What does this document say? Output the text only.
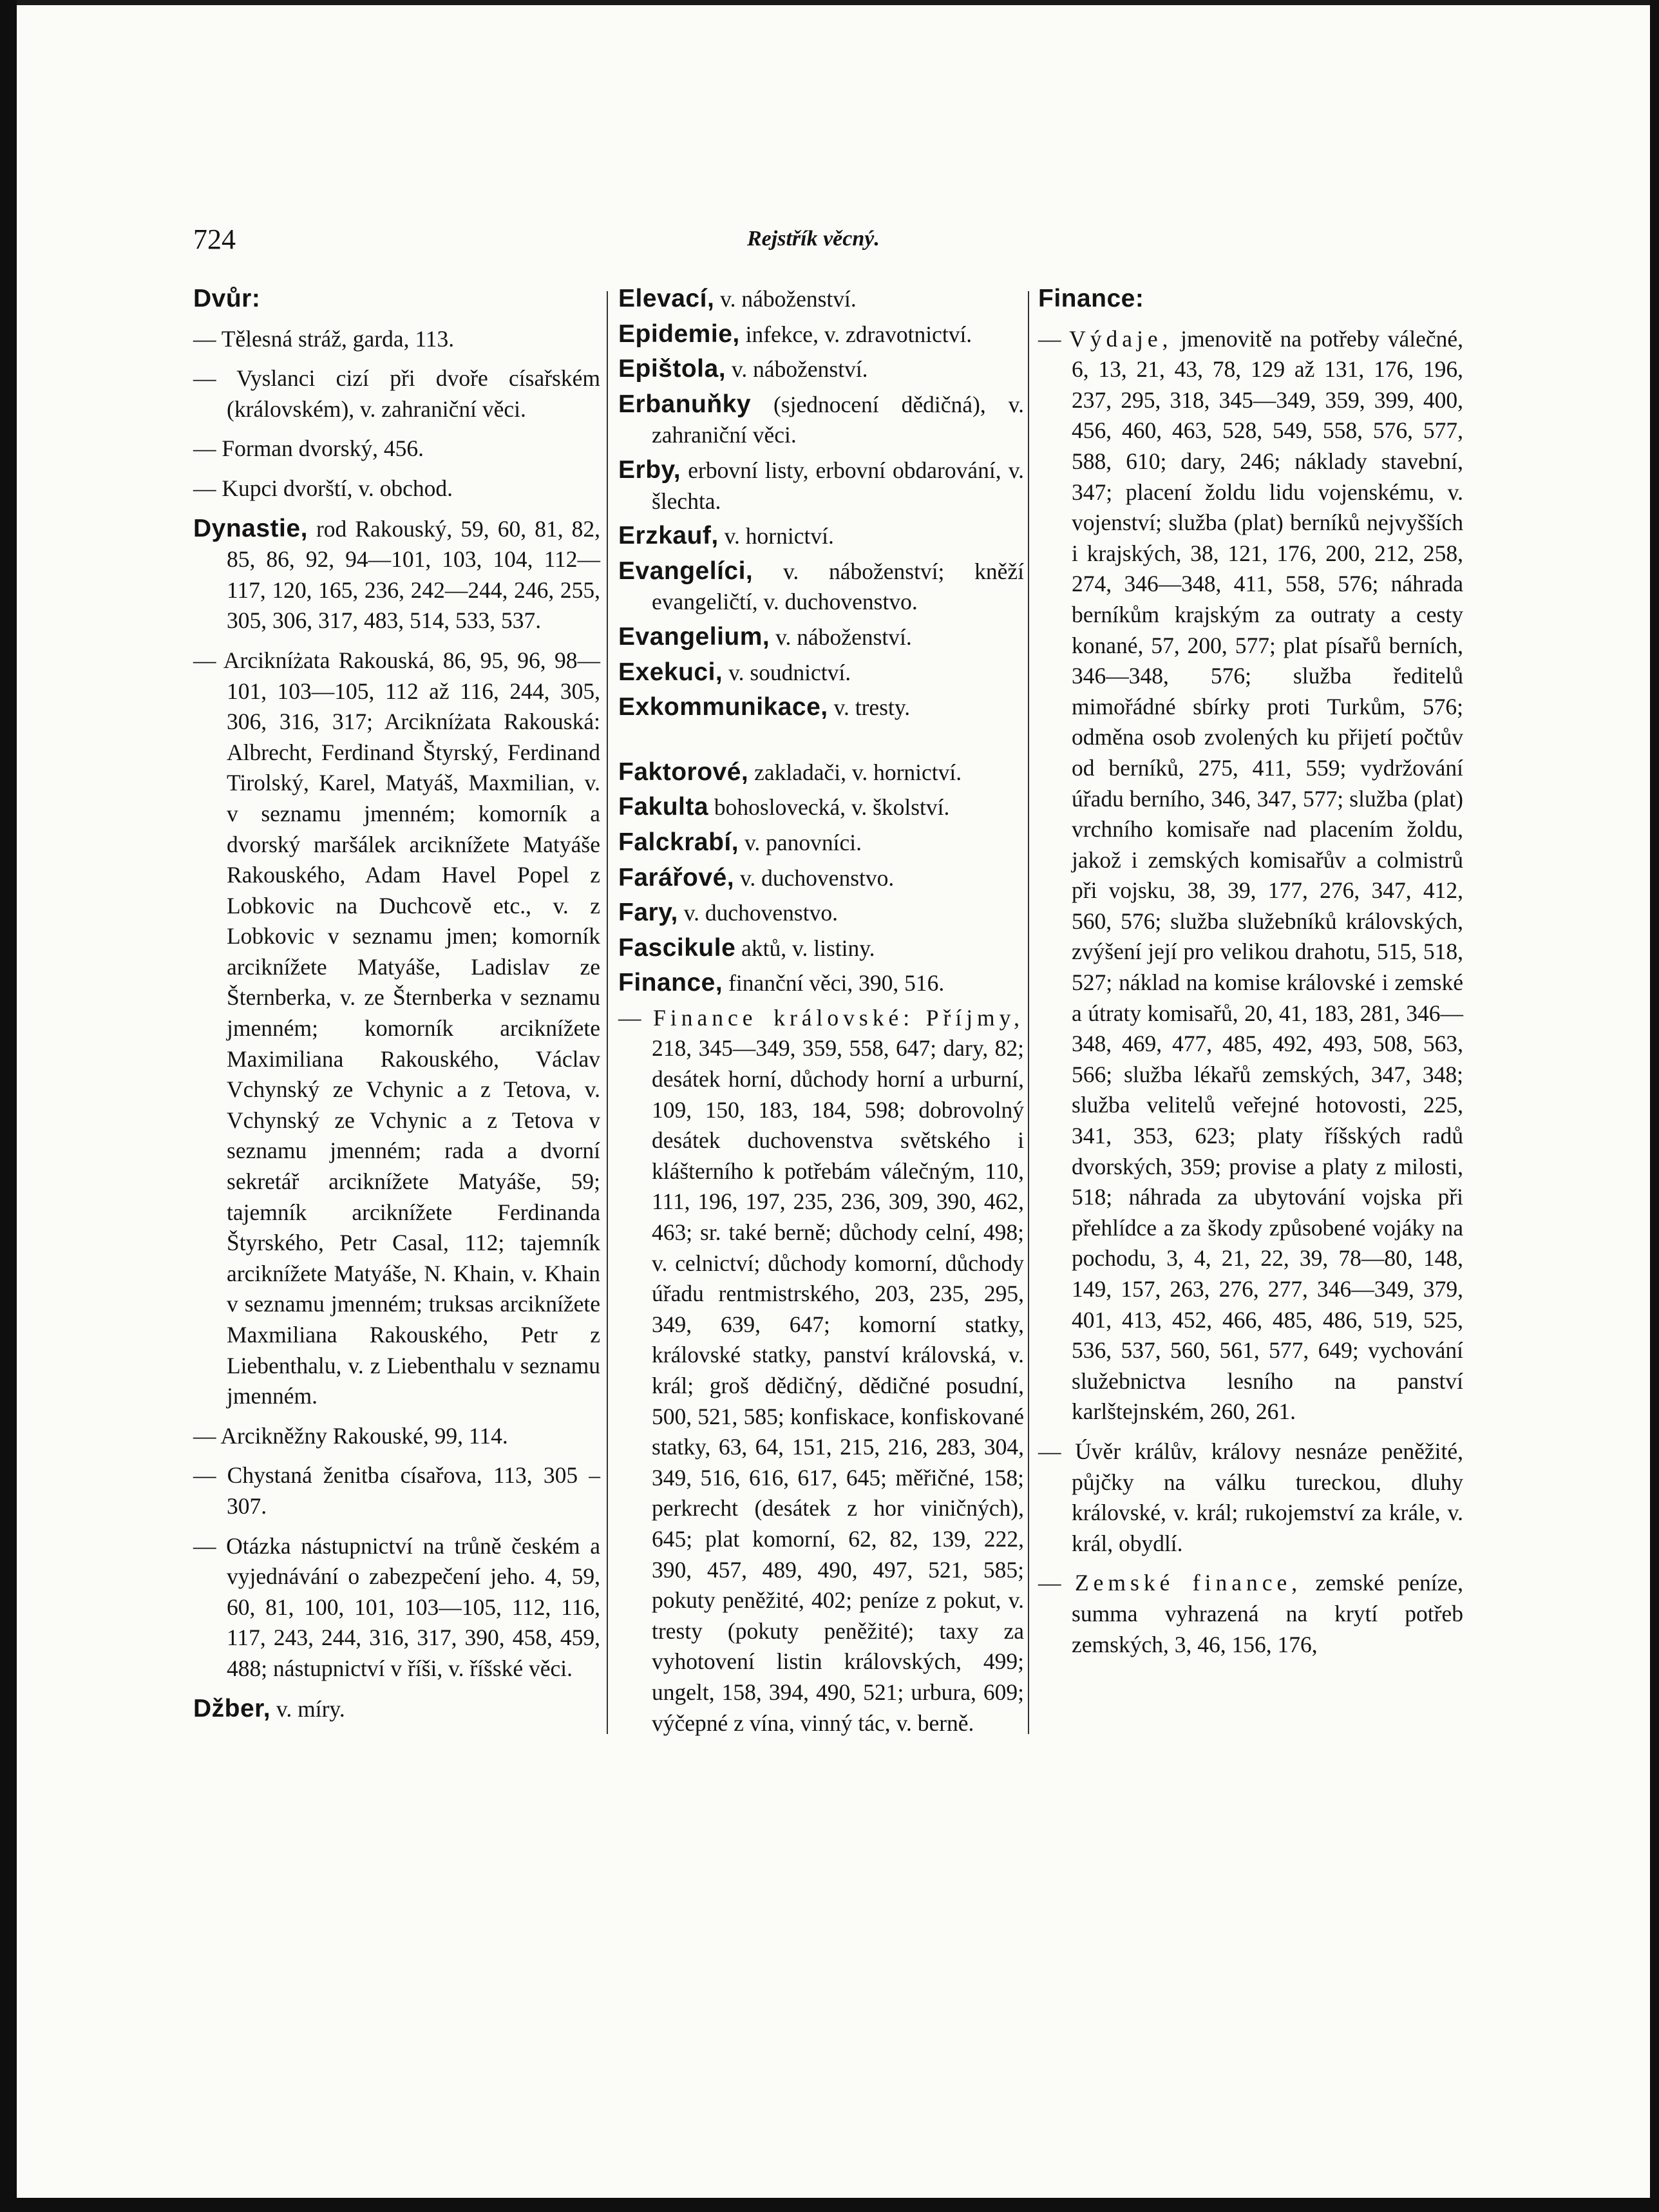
724	Rejstřík věcný.
Dvůr:
— Tělesná stráž, garda, 113.
— Vyslanci cizí při dvoře císařském (královském), v. zahraniční věci.
— Forman dvorský, 456.
— Kupci dvorští, v. obchod.
Dynastie, rod Rakouský, 59, 60, 81, 82, 85, 86, 92, 94—101, 103, 104, 112—117, 120, 165, 236, 242—244, 246, 255, 305, 306, 317, 483, 514, 533, 537.
— Arcikníżata Rakouská, 86, 95, 96, 98—101, 103—105, 112 až 116, 244, 305, 306, 316, 317; Arcikníżata Rakouská: Albrecht, Ferdinand Štyrský, Ferdinand Tirolský, Karel, Matyáš, Maxmilian, v. v seznamu jmenném; komorník a dvorský maršálek arciknížete Matyáše Rakouského, Adam Havel Popel z Lobkovic na Duchcově etc., v. z Lobkovic v seznamu jmen; komorník arciknížete Matyáše, Ladislav ze Šternberka, v. ze Šternberka v seznamu jmenném; komorník arciknížete Maximiliana Rakouského, Václav Vchynský ze Vchynic a z Tetova, v. Vchynský ze Vchynic a z Tetova v seznamu jmenném; rada a dvorní sekretář arciknížete Matyáše, 59; tajemník arciknížete Ferdinanda Štyrského, Petr Casal, 112; tajemník arciknížete Matyáše, N. Khain, v. Khain v seznamu jmenném; truksas arciknížete Maxmiliana Rakouského, Petr z Liebenthalu, v. z Liebenthalu v seznamu jmenném.
— Arcikněžny Rakouské, 99, 114.
— Chystaná ženitba císařova, 113, 305 – 307.
— Otázka nástupnictví na trůně českém a vyjednávání o zabezpečení jeho. 4, 59, 60, 81, 100, 101, 103—105, 112, 116, 117, 243, 244, 316, 317, 390, 458, 459, 488; nástupnictví v říši, v. říšské věci.
Džber, v. míry.
Elevací, v. náboženství.
Epidemie, infekce, v. zdravotnictví.
Epištola, v. náboženství.
Erbanuňky (sjednocení dědičná), v. zahraniční věci.
Erby, erbovní listy, erbovní obdarování, v. šlechta.
Erzkauf, v. hornictví.
Evangelíci, v. náboženství; kněží evangeličtí, v. duchovenstvo.
Evangelium, v. náboženství.
Exekuci, v. soudnictví.
Exkommunikace, v. tresty.
Faktorové, zakladači, v. hornictví.
Fakulta bohoslovecká, v. školství.
Falckrabí, v. panovníci.
Farářové, v. duchovenstvo.
Fary, v. duchovenstvo.
Fascikule aktů, v. listiny.
Finance, finanční věci, 390, 516.
— Finance královské: Příjmy, 218, 345—349, 359, 558, 647; dary, 82; desátek horní, důchody horní a urburní, 109, 150, 183, 184, 598; dobrovolný desátek duchovenstva světského i klášterního k potřebám válečným, 110, 111, 196, 197, 235, 236, 309, 390, 462, 463; sr. také berně; důchody celní, 498; v. celnictví; důchody komorní, důchody úřadu rentmistrského, 203, 235, 295, 349, 639, 647; komorní statky, královské statky, panství královská, v. král; groš dědičný, dědičné posudní, 500, 521, 585; konfiskace, konfiskované statky, 63, 64, 151, 215, 216, 283, 304, 349, 516, 616, 617, 645; měřičné, 158; perkrecht (desátek z hor viničných), 645; plat komorní, 62, 82, 139, 222, 390, 457, 489, 490, 497, 521, 585; pokuty peněžité, 402; peníze z pokut, v. tresty (pokuty peněžité); taxy za vyhotovení listin královských, 499; ungelt, 158, 394, 490, 521; urbura, 609; výčepné z vína, vinný tác, v. berně.
Finance:
— Výdaje, jmenovitě na potřeby válečné, 6, 13, 21, 43, 78, 129 až 131, 176, 196, 237, 295, 318, 345—349, 359, 399, 400, 456, 460, 463, 528, 549, 558, 576, 577, 588, 610; dary, 246; náklady stavební, 347; placení žoldu lidu vojenskému, v. vojenství; služba (plat) berníků nejvyšších i krajských, 38, 121, 176, 200, 212, 258, 274, 346—348, 411, 558, 576; náhrada berníkům krajským za outraty a cesty konané, 57, 200, 577; plat písařů berních, 346—348, 576; služba ředitelů mimořádné sbírky proti Turkům, 576; odměna osob zvolených ku přijetí počtův od berníků, 275, 411, 559; vydržování úřadu berního, 346, 347, 577; služba (plat) vrchního komisaře nad placením žoldu, jakož i zemských komisařův a colmistrů při vojsku, 38, 39, 177, 276, 347, 412, 560, 576; služba služebníků královských, zvýšení její pro velikou drahotu, 515, 518, 527; náklad na komise královské i zemské a útraty komisařů, 20, 41, 183, 281, 346—348, 469, 477, 485, 492, 493, 508, 563, 566; služba lékařů zemských, 347, 348; služba velitelů veřejné hotovosti, 225, 341, 353, 623; platy říšských radů dvorských, 359; provise a platy z milosti, 518; náhrada za ubytování vojska při přehlídce a za škody způsobené vojáky na pochodu, 3, 4, 21, 22, 39, 78—80, 148, 149, 157, 263, 276, 277, 346—349, 379, 401, 413, 452, 466, 485, 486, 519, 525, 536, 537, 560, 561, 577, 649; vychování služebnictva lesního na panství karlštejnském, 260, 261.
— Úvěr králův, královy nesnáze peněžité, půjčky na válku tureckou, dluhy královské, v. král; rukojemství za krále, v. král, obydlí.
— Zemské finance, zemské peníze, summa vyhrazená na krytí potřeb zemských, 3, 46, 156, 176,
